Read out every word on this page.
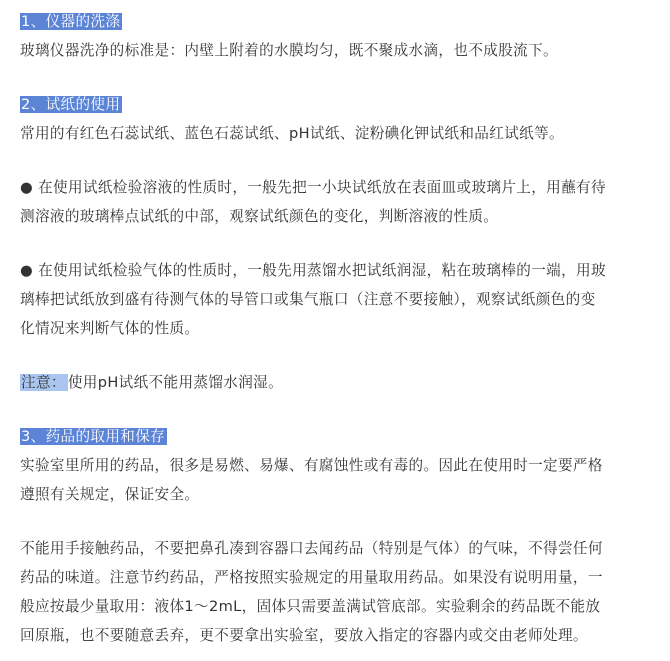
1、仪器的洗涤
玻璃仪器洗净的标准是：内壁上附着的水膜均匀，既不聚成水滴，也不成股流下。
2、试纸的使用
常用的有红色石蕊试纸、蓝色石蕊试纸、pH试纸、淀粉碘化钾试纸和品红试纸等。
● 在使用试纸检验溶液的性质时，一般先把一小块试纸放在表面皿或玻璃片上，用蘸有待
测溶液的玻璃棒点试纸的中部，观察试纸颜色的变化，判断溶液的性质。
● 在使用试纸检验气体的性质时，一般先用蒸馏水把试纸润湿，粘在玻璃棒的一端，用玻
璃棒把试纸放到盛有待测气体的导管口或集气瓶口（注意不要接触），观察试纸颜色的变
化情况来判断气体的性质。
注意： 使用pH试纸不能用蒸馏水润湿。
3、药品的取用和保存
实验室里所用的药品，很多是易燃、易爆、有腐蚀性或有毒的。因此在使用时一定要严格
遵照有关规定，保证安全。
不能用手接触药品，不要把鼻孔凑到容器口去闻药品（特别是气体）的气味，不得尝任何
药品的味道。注意节约药品，严格按照实验规定的用量取用药品。如果没有说明用量，一
般应按最少量取用：液体1～2mL，固体只需要盖满试管底部。实验剩余的药品既不能放
回原瓶，也不要随意丢弃，更不要拿出实验室，要放入指定的容器内或交由老师处理。
